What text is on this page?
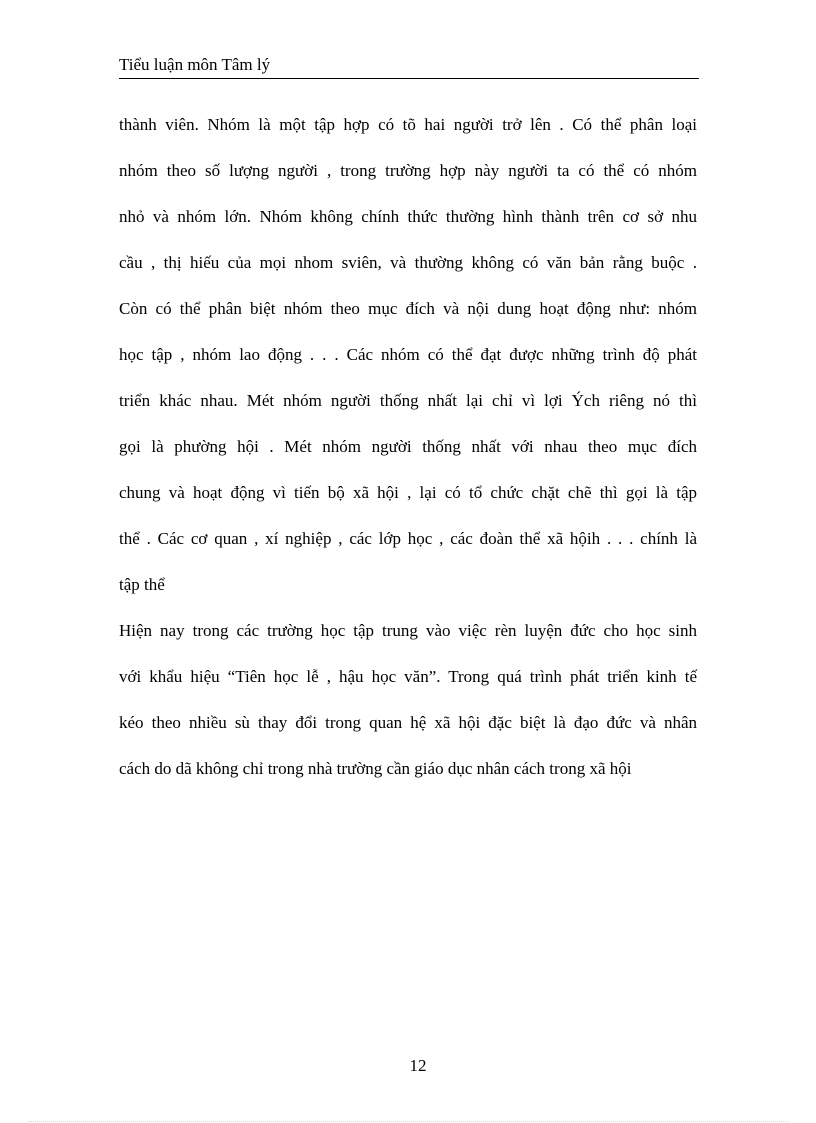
Tiểu luận môn Tâm lý
thành viên. Nhóm là một tập hợp có tõ hai người trở lên . Có thể phân loại
nhóm theo số lượng người , trong trường hợp này người ta có thể có nhóm
nhỏ và nhóm lớn. Nhóm không chính thức thường hình thành trên cơ sở nhu
cầu , thị hiếu của mọi nhom sviên, và thường không có văn bản rằng buộc .
Còn có thể phân biệt nhóm theo mục đích và nội dung hoạt động như: nhóm
học tập , nhóm lao động . . . Các nhóm có thể đạt được những trình độ phát
triển khác nhau. Mét nhóm người thống nhất lại chỉ vì lợi Ých riêng nó thì
gọi là phường hội . Mét nhóm người thống nhất với nhau theo mục đích
chung và hoạt động vì tiến bộ xã hội , lại có tổ chức chặt chẽ thì gọi là tập
thể . Các cơ quan , xí nghiệp , các lớp học , các đoàn thể xã hộih . . . chính là
tập thể
Hiện nay trong các trường học tập trung vào việc rèn luyện đức cho học sinh
với khẩu hiệu “Tiên học lễ , hậu học văn”. Trong quá trình phát triển kinh tế
kéo theo nhiều sù thay đổi trong quan hệ xã hội đặc biệt là đạo đức và nhân
cách do dã không chỉ trong nhà trường cần giáo dục nhân cách trong xã hội
12
